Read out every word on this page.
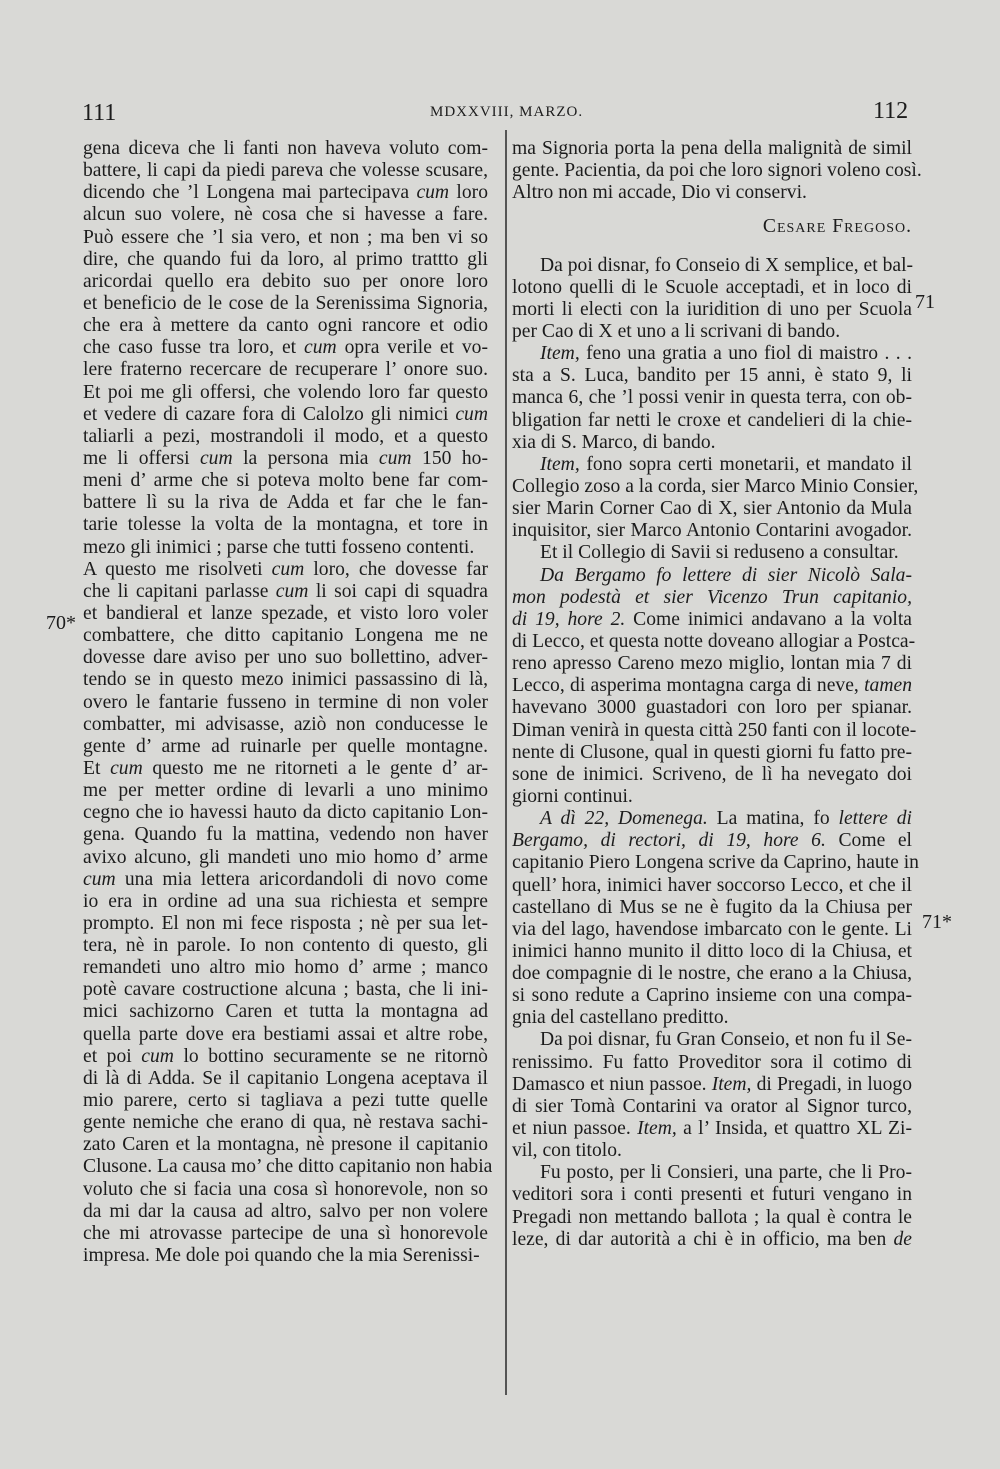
111	MDXXVIII, MARZO.	112
70*
71
71*
gena diceva che li fanti non haveva voluto com-
battere, li capi da piedi pareva che volesse scusare,
dicendo che ’l Longena mai partecipava cum loro
alcun suo volere, nè cosa che si havesse a fare.
Può essere che ’l sia vero, et non ; ma ben vi so
dire, che quando fui da loro, al primo trattto gli
aricordai quello era debito suo per onore loro
et beneficio de le cose de la Serenissima Signoria,
che era à mettere da canto ogni rancore et odio
che caso fusse tra loro, et cum opra verile et vo-
lere fraterno recercare de recuperare l’ onore suo.
Et poi me gli offersi, che volendo loro far questo
et vedere di cazare fora di Calolzo gli nimici cum
taliarli a pezi, mostrandoli il modo, et a questo
me li offersi cum la persona mia cum 150 ho-
meni d’ arme che si poteva molto bene far com-
battere lì su la riva de Adda et far che le fan-
tarie tolesse la volta de la montagna, et tore in
mezo gli inimici ; parse che tutti fosseno contenti.
A questo me risolveti cum loro, che dovesse far
che li capitani parlasse cum li soi capi di squadra
et bandieral et lanze spezade, et visto loro voler
combattere, che ditto capitanio Longena me ne
dovesse dare aviso per uno suo bollettino, adver-
tendo se in questo mezo inimici passassino di là,
overo le fantarie fusseno in termine di non voler
combatter, mi advisasse, aziò non conducesse le
gente d’ arme ad ruinarle per quelle montagne.
Et cum questo me ne ritorneti a le gente d’ ar-
me per metter ordine di levarli a uno minimo
cegno che io havessi hauto da dicto capitanio Lon-
gena. Quando fu la mattina, vedendo non haver
avixo alcuno, gli mandeti uno mio homo d’ arme
cum una mia lettera aricordandoli di novo come
io era in ordine ad una sua richiesta et sempre
prompto. El non mi fece risposta ; nè per sua let-
tera, nè in parole. Io non contento di questo, gli
remandeti uno altro mio homo d’ arme ; manco
potè cavare costructione alcuna ; basta, che li ini-
mici sachizorno Caren et tutta la montagna ad
quella parte dove era bestiami assai et altre robe,
et poi cum lo bottino securamente se ne ritornò
di là di Adda. Se il capitanio Longena aceptava il
mio parere, certo si tagliava a pezi tutte quelle
gente nemiche che erano di qua, nè restava sachi-
zato Caren et la montagna, nè presone il capitanio
Clusone. La causa mo’ che ditto capitanio non habia
voluto che si facia una cosa sì honorevole, non so
da mi dar la causa ad altro, salvo per non volere
che mi atrovasse partecipe de una sì honorevole
impresa. Me dole poi quando che la mia Serenissi-
ma Signoria porta la pena della malignità de simil
gente. Pacientia, da poi che loro signori voleno così.
Altro non mi accade, Dio vi conservi.
Cesare Fregoso.
Da poi disnar, fo Conseio di X semplice, et bal-
lotono quelli di le Scuole acceptadi, et in loco di
morti li electi con la iuridition di uno per Scuola
per Cao di X et uno a li scrivani di bando.
Item, feno una gratia a uno fiol di maistro . . .
sta a S. Luca, bandito per 15 anni, è stato 9, li
manca 6, che ’l possi venir in questa terra, con ob-
bligation far netti le croxe et candelieri di la chie-
xia di S. Marco, di bando.
Item, fono sopra certi monetarii, et mandato il
Collegio zoso a la corda, sier Marco Minio Consier,
sier Marin Corner Cao di X, sier Antonio da Mula
inquisitor, sier Marco Antonio Contarini avogador.
Et il Collegio di Savii si reduseno a consultar.
Da Bergamo fo lettere di sier Nicolò Sala-
mon podestà et sier Vicenzo Trun capitanio,
di 19, hore 2. Come inimici andavano a la volta
di Lecco, et questa notte doveano allogiar a Postca-
reno apresso Careno mezo miglio, lontan mia 7 di
Lecco, di asperima montagna carga di neve, tamen
havevano 3000 guastadori con loro per spianar.
Diman venirà in questa città 250 fanti con il locote-
nente di Clusone, qual in questi giorni fu fatto pre-
sone de inimici. Scriveno, de lì ha nevegato doi
giorni continui.
A dì 22, Domenega. La matina, fo lettere di
Bergamo, di rectori, di 19, hore 6. Come el
capitanio Piero Longena scrive da Caprino, haute in
quell’ hora, inimici haver soccorso Lecco, et che il
castellano di Mus se ne è fugito da la Chiusa per
via del lago, havendose imbarcato con le gente. Li
inimici hanno munito il ditto loco di la Chiusa, et
doe compagnie di le nostre, che erano a la Chiusa,
si sono redute a Caprino insieme con una compa-
gnia del castellano preditto.
Da poi disnar, fu Gran Conseio, et non fu il Se-
renissimo. Fu fatto Proveditor sora il cotimo di
Damasco et niun passoe. Item, di Pregadi, in luogo
di sier Tomà Contarini va orator al Signor turco,
et niun passoe. Item, a l’ Insida, et quattro XL Zi-
vil, con titolo.
Fu posto, per li Consieri, una parte, che li Pro-
veditori sora i conti presenti et futuri vengano in
Pregadi non mettando ballota ; la qual è contra le
leze, di dar autorità a chi è in officio, ma ben de
